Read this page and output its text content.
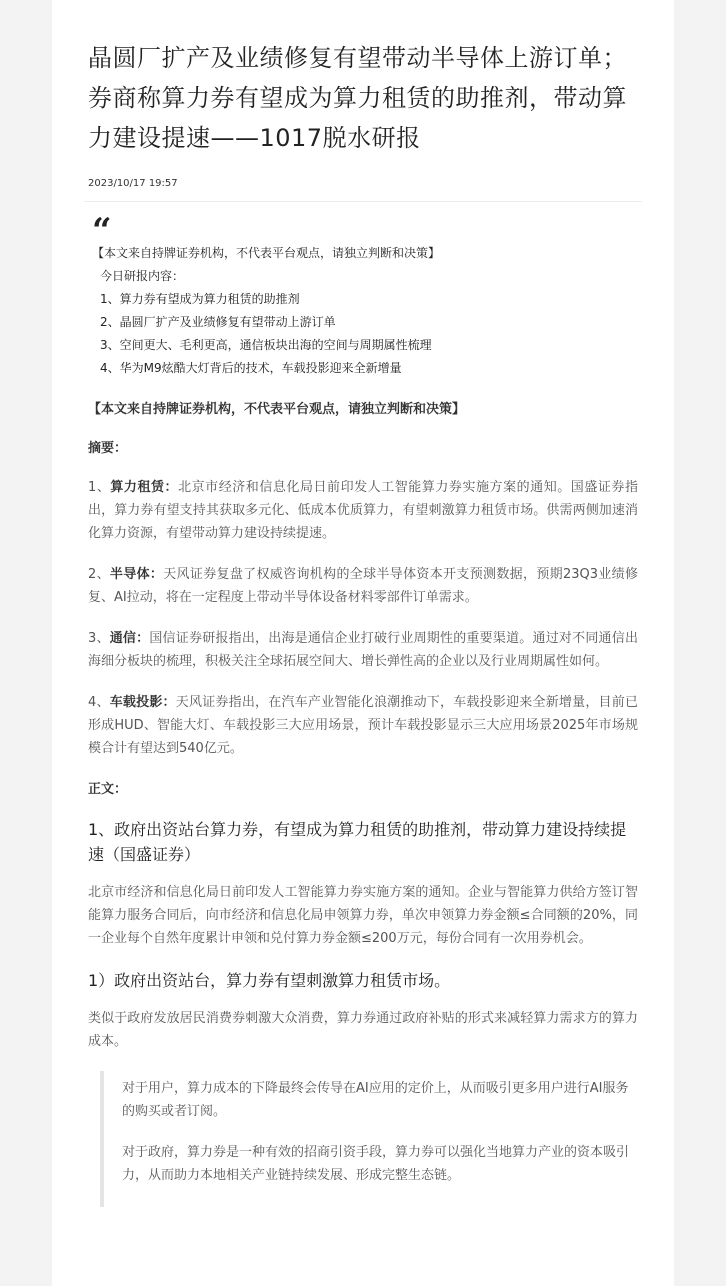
晶圆厂扩产及业绩修复有望带动半导体上游订单；券商称算力券有望成为算力租赁的助推剂，带动算力建设提速——1017脱水研报
2023/10/17 19:57
“
【本文来自持牌证券机构，不代表平台观点，请独立判断和决策】
今日研报内容：
1、算力券有望成为算力租赁的助推剂
2、晶圆厂扩产及业绩修复有望带动上游订单
3、空间更大、毛利更高，通信板块出海的空间与周期属性梳理
4、华为M9炫酷大灯背后的技术，车载投影迎来全新增量
【本文来自持牌证券机构，不代表平台观点，请独立判断和决策】
摘要：

1、算力租赁：北京市经济和信息化局日前印发人工智能算力券实施方案的通知。国盛证券指出，算力券有望支持其获取多元化、低成本优质算力，有望刺激算力租赁市场。供需两侧加速消化算力资源，有望带动算力建设持续提速。

2、半导体：天风证券复盘了权威咨询机构的全球半导体资本开支预测数据，预期23Q3业绩修复、AI拉动，将在一定程度上带动半导体设备材料零部件订单需求。

3、通信：国信证券研报指出，出海是通信企业打破行业周期性的重要渠道。通过对不同通信出海细分板块的梳理，积极关注全球拓展空间大、增长弹性高的企业以及行业周期属性如何。

4、车载投影：天风证券指出，在汽车产业智能化浪潮推动下，车载投影迎来全新增量，目前已形成HUD、智能大灯、车载投影三大应用场景，预计车载投影显示三大应用场景2025年市场规模合计有望达到540亿元。

正文：
1、政府出资站台算力券，有望成为算力租赁的助推剂，带动算力建设持续提速（国盛证券）

北京市经济和信息化局日前印发人工智能算力券实施方案的通知。企业与智能算力供给方签订智能算力服务合同后，向市经济和信息化局申领算力券，单次申领算力券金额≤合同额的20%，同一企业每个自然年度累计申领和兑付算力券金额≤200万元，每份合同有一次用券机会。

1）政府出资站台，算力券有望刺激算力租赁市场。

类似于政府发放居民消费券刺激大众消费，算力券通过政府补贴的形式来减轻算力需求方的算力成本。

对于用户，算力成本的下降最终会传导在AI应用的定价上，从而吸引更多用户进行AI服务的购买或者订阅。

对于政府，算力券是一种有效的招商引资手段，算力券可以强化当地算力产业的资本吸引力，从而助力本地相关产业链持续发展、形成完整生态链。
